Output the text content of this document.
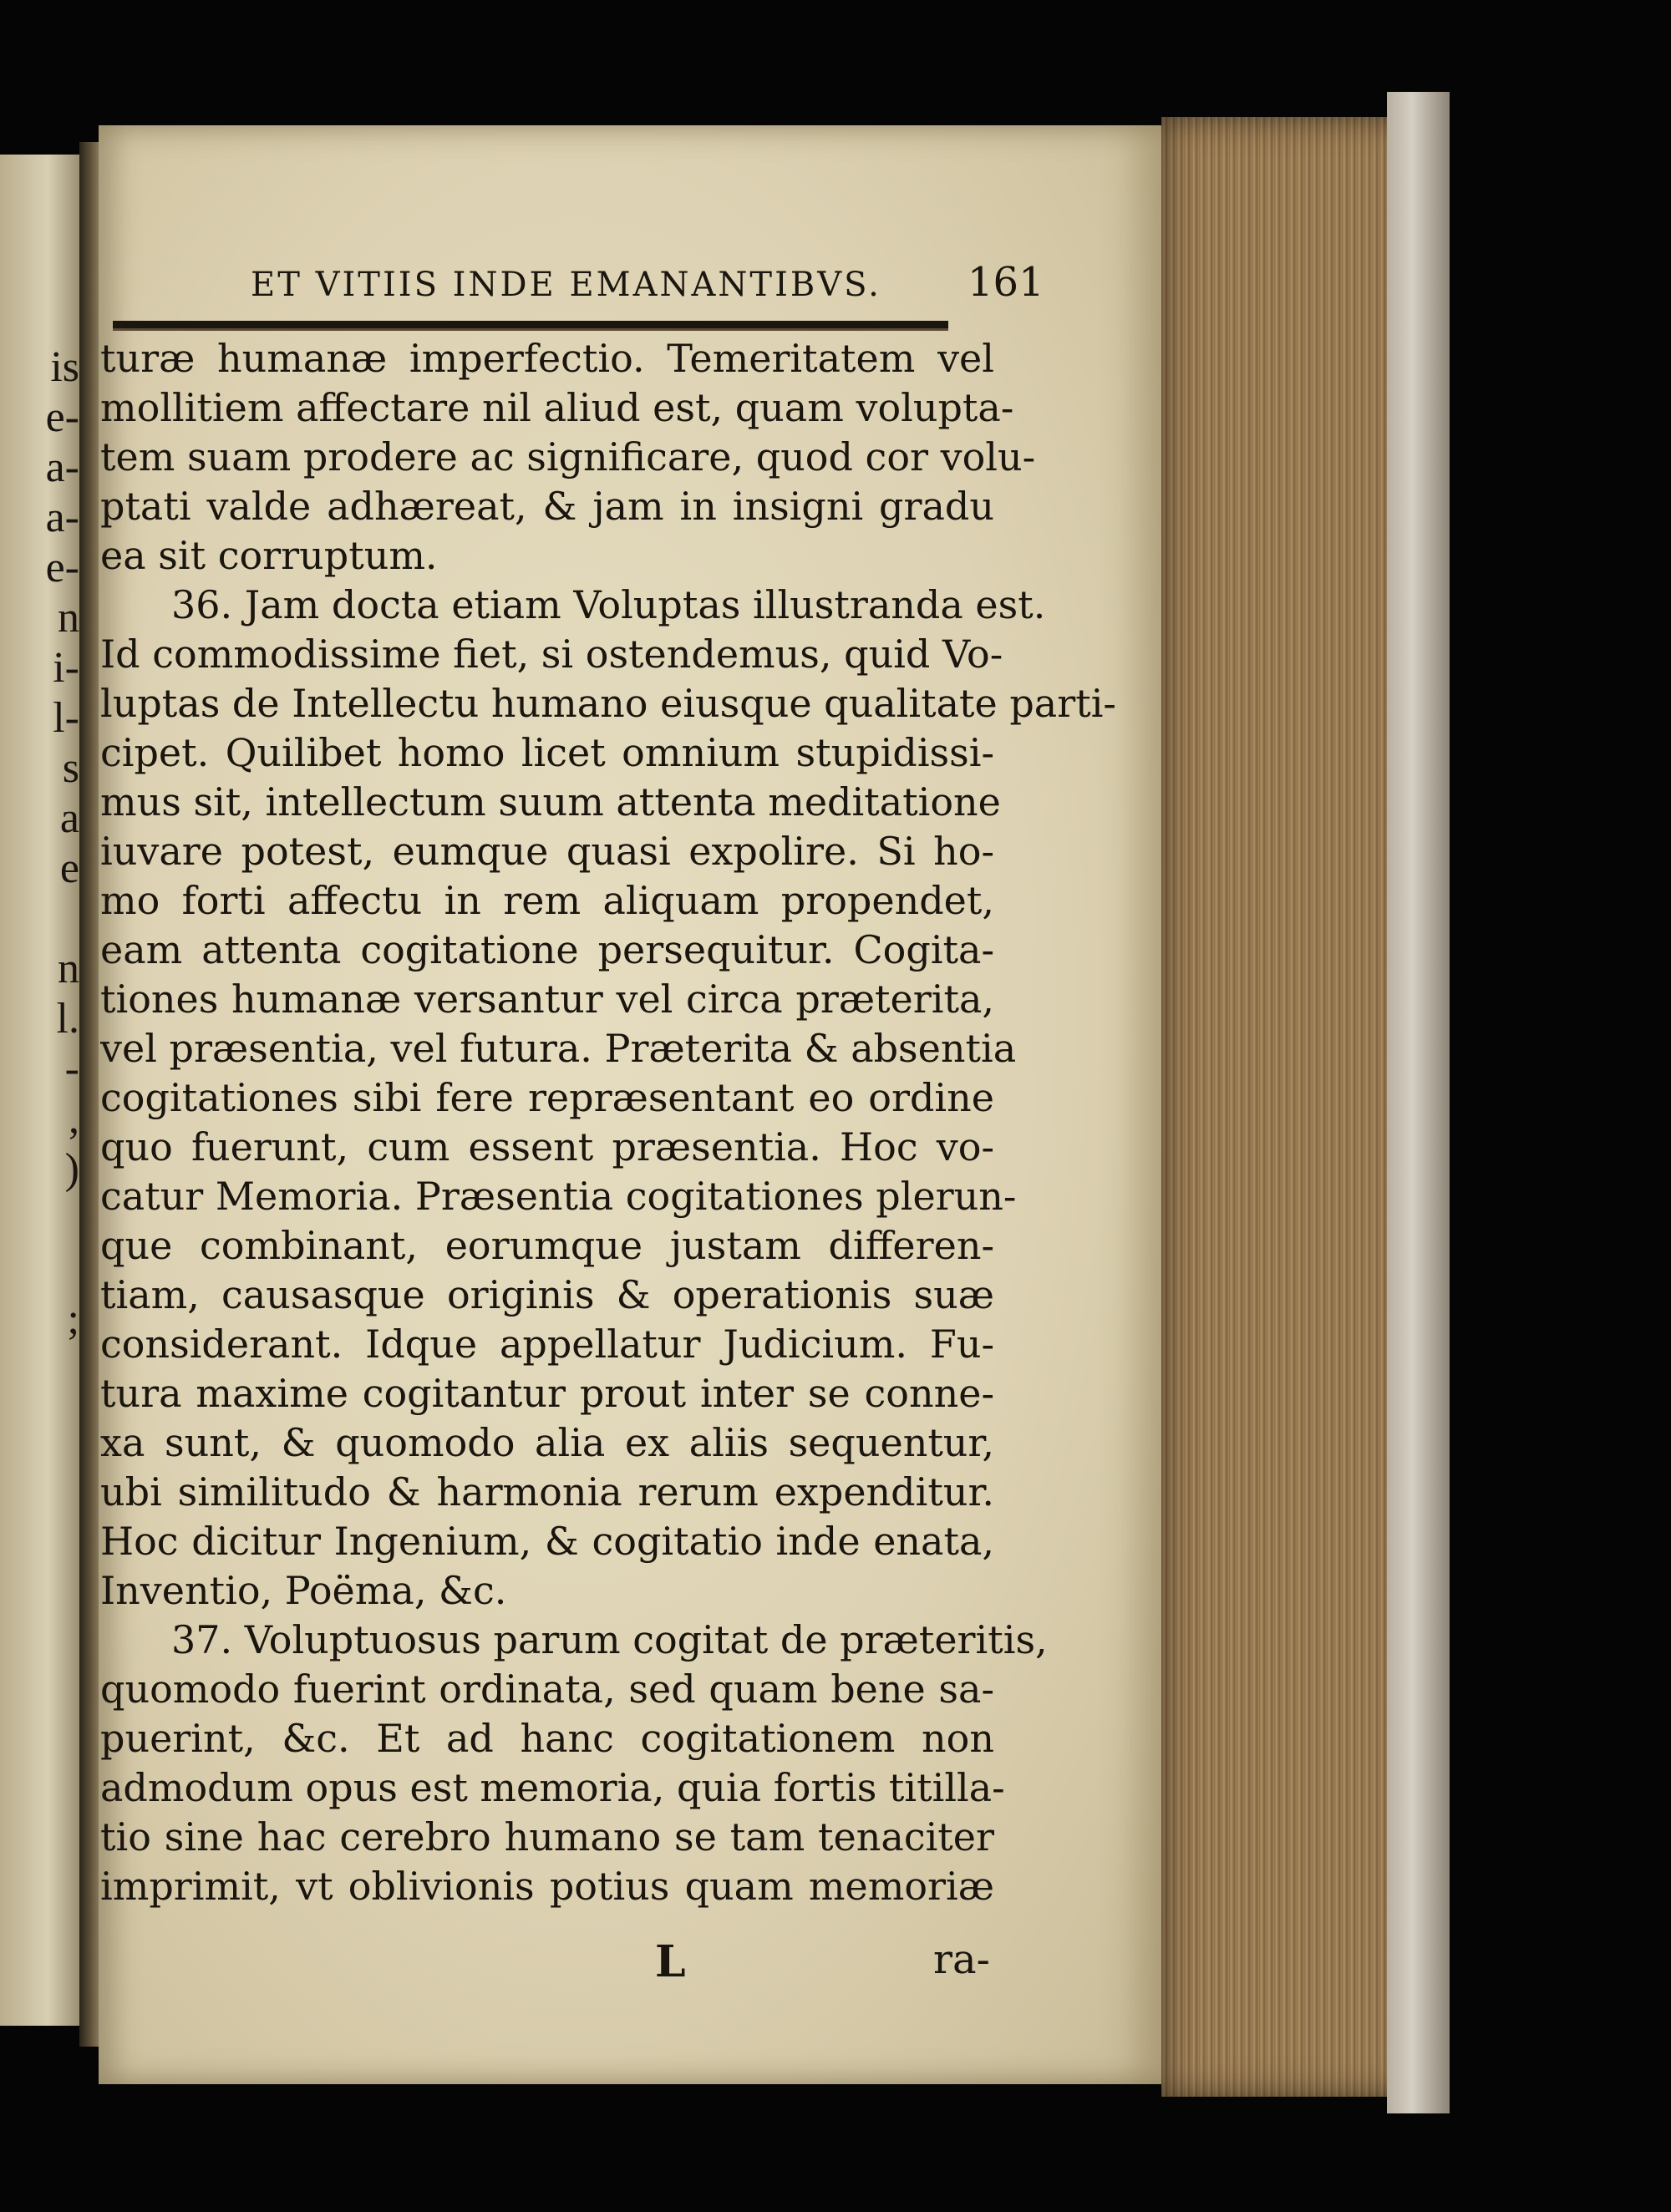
is
e-
a-
a-
e-
n
i-
l-
s
a
e
n
l.
-
,
)
;
ET VITIIS INDE EMANANTIBVS. 161
turæ humanæ imperfectio. Temeritatem vel
mollitiem affectare nil aliud est, quam volupta-
tem suam prodere ac significare, quod cor volu-
ptati valde adhæreat, & jam in insigni gradu
ea sit corruptum.
36. Jam docta etiam Voluptas illustranda est.
Id commodissime fiet, si ostendemus, quid Vo-
luptas de Intellectu humano eiusque qualitate parti-
cipet. Quilibet homo licet omnium stupidissi-
mus sit, intellectum suum attenta meditatione
iuvare potest, eumque quasi expolire. Si ho-
mo forti affectu in rem aliquam propendet,
eam attenta cogitatione persequitur. Cogita-
tiones humanæ versantur vel circa præterita,
vel præsentia, vel futura. Præterita & absentia
cogitationes sibi fere repræsentant eo ordine
quo fuerunt, cum essent præsentia. Hoc vo-
catur Memoria. Præsentia cogitationes plerun-
que combinant, eorumque justam differen-
tiam, causasque originis & operationis suæ
considerant. Idque appellatur Judicium. Fu-
tura maxime cogitantur prout inter se conne-
xa sunt, & quomodo alia ex aliis sequentur,
ubi similitudo & harmonia rerum expenditur.
Hoc dicitur Ingenium, & cogitatio inde enata,
Inventio, Poëma, &c.
37. Voluptuosus parum cogitat de præteritis,
quomodo fuerint ordinata, sed quam bene sa-
puerint, &c. Et ad hanc cogitationem non
admodum opus est memoria, quia fortis titilla-
tio sine hac cerebro humano se tam tenaciter
imprimit, vt oblivionis potius quam memoriæ
L	ra-
